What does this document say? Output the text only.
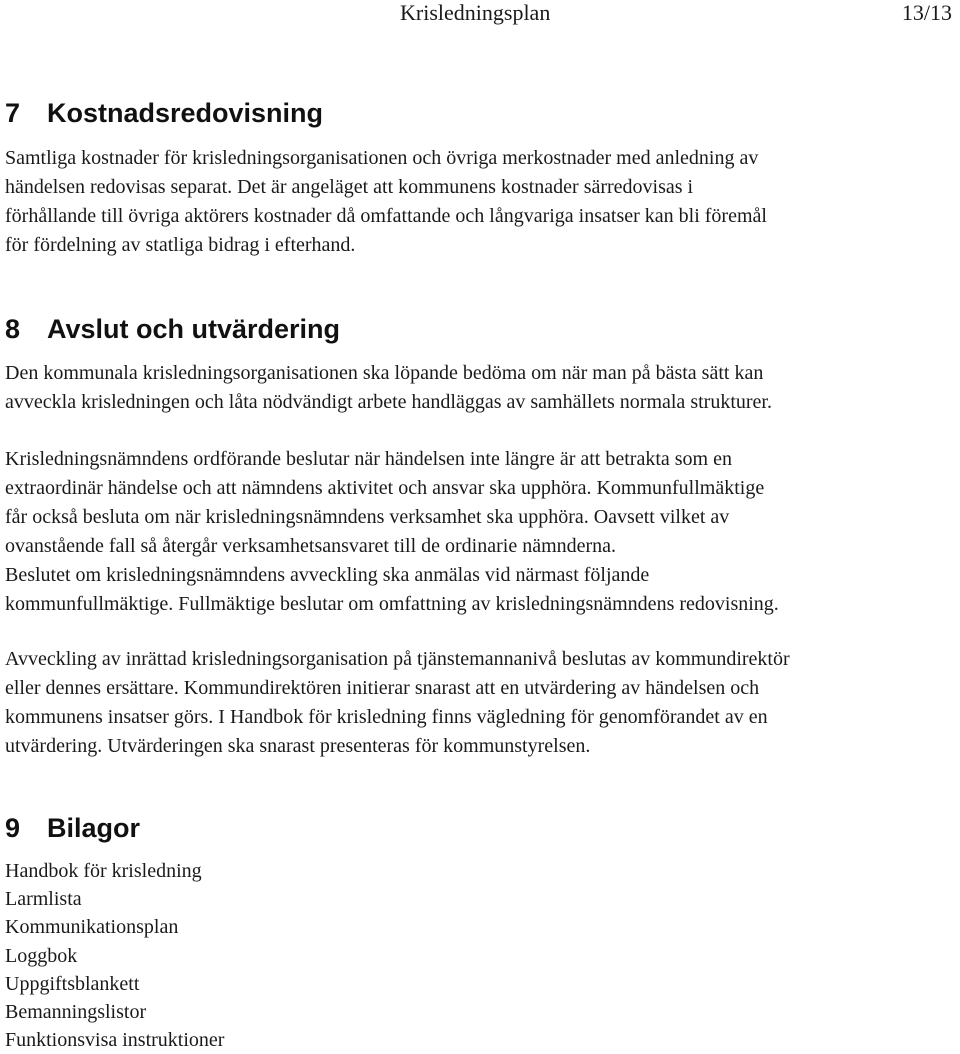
Krisledningsplan	13/13
7 Kostnadsredovisning
Samtliga kostnader för krisledningsorganisationen och övriga merkostnader med anledning av
händelsen redovisas separat. Det är angeläget att kommunens kostnader särredovisas i
förhållande till övriga aktörers kostnader då omfattande och långvariga insatser kan bli föremål
för fördelning av statliga bidrag i efterhand.
8 Avslut och utvärdering
Den kommunala krisledningsorganisationen ska löpande bedöma om när man på bästa sätt kan
avveckla krisledningen och låta nödvändigt arbete handläggas av samhällets normala strukturer.
Krisledningsnämndens ordförande beslutar när händelsen inte längre är att betrakta som en
extraordinär händelse och att nämndens aktivitet och ansvar ska upphöra. Kommunfullmäktige
får också besluta om när krisledningsnämndens verksamhet ska upphöra. Oavsett vilket av
ovanstående fall så återgår verksamhetsansvaret till de ordinarie nämnderna.
Beslutet om krisledningsnämndens avveckling ska anmälas vid närmast följande
kommunfullmäktige. Fullmäktige beslutar om omfattning av krisledningsnämndens redovisning.
Avveckling av inrättad krisledningsorganisation på tjänstemannanivå beslutas av kommundirektör
eller dennes ersättare. Kommundirektören initierar snarast att en utvärdering av händelsen och
kommunens insatser görs. I Handbok för krisledning finns vägledning för genomförandet av en
utvärdering. Utvärderingen ska snarast presenteras för kommunstyrelsen.
9 Bilagor
Handbok för krisledning
Larmlista
Kommunikationsplan
Loggbok
Uppgiftsblankett
Bemanningslistor
Funktionsvisa instruktioner
